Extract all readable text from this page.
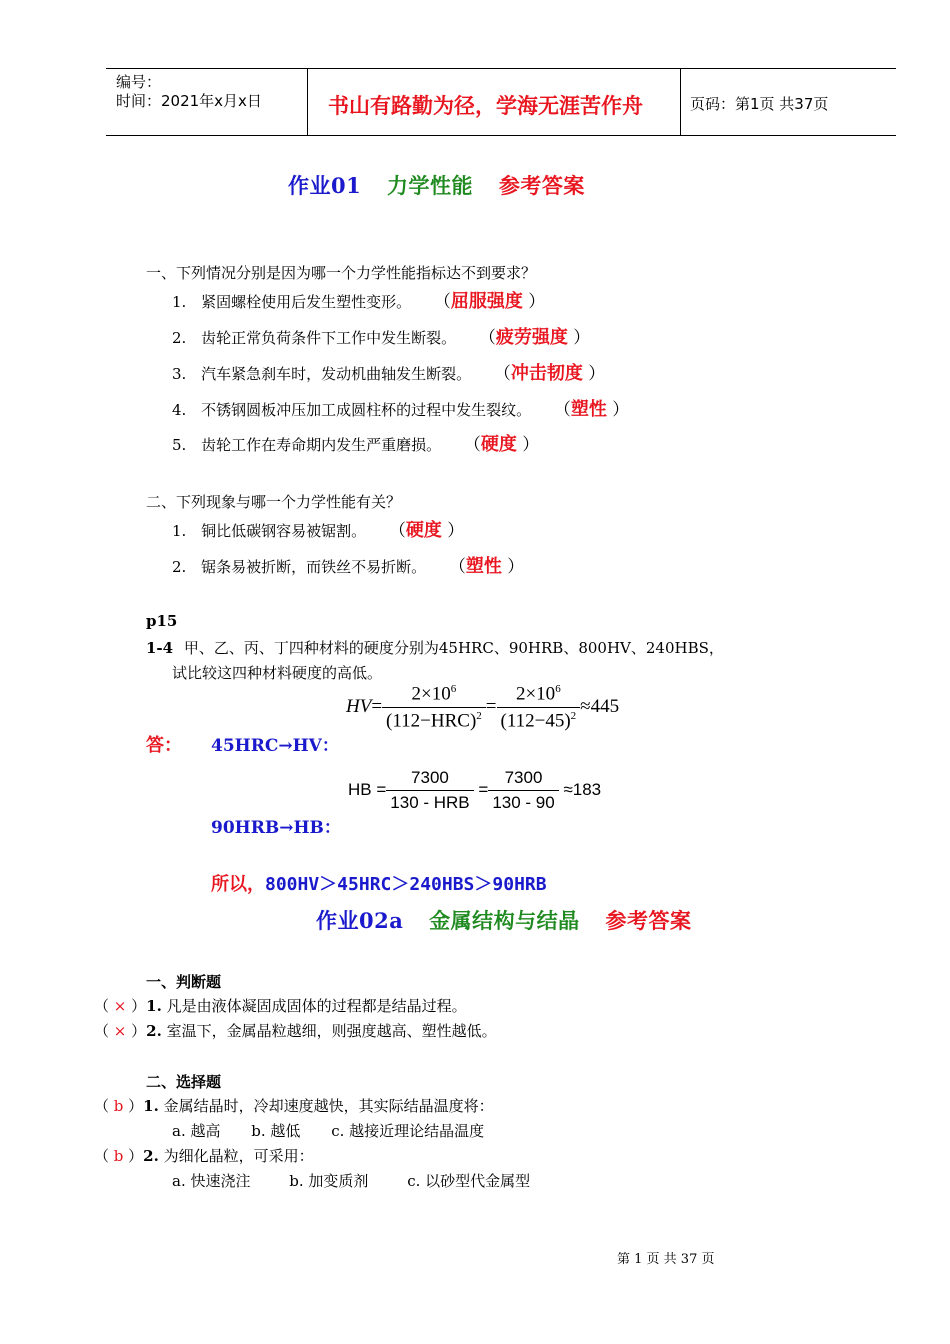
编号：
时间：2021年x月x日	书山有路勤为径，学海无涯苦作舟	页码：第1页 共37页
作业01 力学性能 参考答案
一、下列情况分别是因为哪一个力学性能指标达不到要求？
1. 紧固螺栓使用后发生塑性变形。 （屈服强度 ）
2. 齿轮正常负荷条件下工作中发生断裂。 （疲劳强度 ）
3. 汽车紧急刹车时，发动机曲轴发生断裂。 （冲击韧度 ）
4. 不锈钢圆板冲压加工成圆柱杯的过程中发生裂纹。 （塑性 ）
5. 齿轮工作在寿命期内发生严重磨损。 （硬度 ）
二、下列现象与哪一个力学性能有关？
1. 铜比低碳钢容易被锯割。 （硬度 ）
2. 锯条易被折断，而铁丝不易折断。 （塑性 ）
p15
1-4 甲、乙、丙、丁四种材料的硬度分别为45HRC、90HRB、800HV、240HBS，
试比较这四种材料硬度的高低。
$HV= \frac{2\times 10^6}{(112-HRC)^2} = \frac{2\times 10^6}{(112-45)^2} \approx 445$
答： 45HRC→HV：
HB = $\frac{7300}{\text{130 - HRB}} = \frac{7300}{130 - 90} \approx 183$
90HRB→HB：
所以，800HV＞45HRC＞240HBS＞90HRB
作业02a 金属结构与结晶 参考答案
一、判断题
（ × ）1. 凡是由液体凝固成固体的过程都是结晶过程。
（ × ）2. 室温下，金属晶粒越细，则强度越高、塑性越低。
二、选择题
（ b ）1. 金属结晶时，冷却速度越快，其实际结晶温度将：
a. 越高 b. 越低 c. 越接近理论结晶温度
（ b ）2. 为细化晶粒，可采用：
a. 快速浇注	b. 加变质剂	c. 以砂型代金属型
第 1 页 共 37 页
